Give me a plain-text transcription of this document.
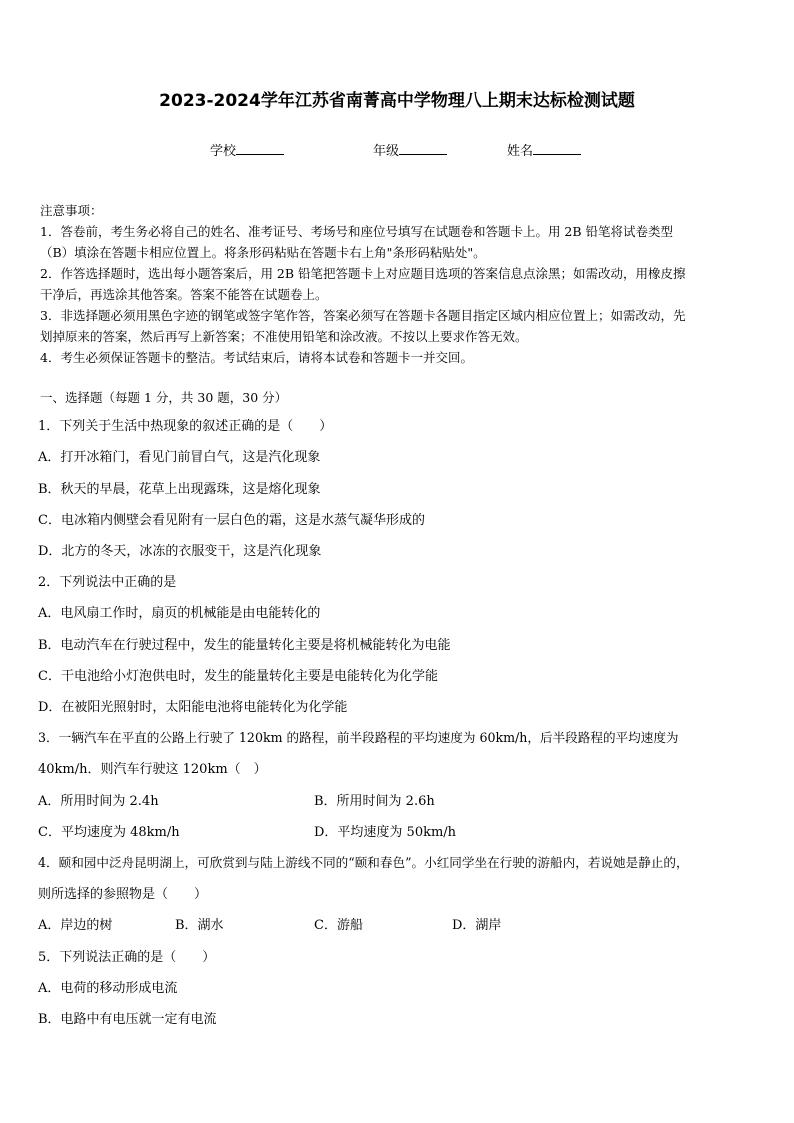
2023-2024学年江苏省南菁高中学物理八上期末达标检测试题
学校	年级	姓名
注意事项：
1．答卷前，考生务必将自己的姓名、准考证号、考场号和座位号填写在试题卷和答题卡上。用 2B 铅笔将试卷类型
（B）填涂在答题卡相应位置上。将条形码粘贴在答题卡右上角"条形码粘贴处"。
2．作答选择题时，选出每小题答案后，用 2B 铅笔把答题卡上对应题目选项的答案信息点涂黑；如需改动，用橡皮擦
干净后，再选涂其他答案。答案不能答在试题卷上。
3．非选择题必须用黑色字迹的钢笔或签字笔作答，答案必须写在答题卡各题目指定区域内相应位置上；如需改动，先
划掉原来的答案，然后再写上新答案；不准使用铅笔和涂改液。不按以上要求作答无效。
4．考生必须保证答题卡的整洁。考试结束后，请将本试卷和答题卡一并交回。
一、选择题（每题 1 分，共 30 题，30 分）
1．下列关于生活中热现象的叙述正确的是（　　）
A．打开冰箱门，看见门前冒白气，这是汽化现象
B．秋天的早晨，花草上出现露珠，这是熔化现象
C．电冰箱内侧壁会看见附有一层白色的霜，这是水蒸气凝华形成的
D．北方的冬天，冰冻的衣服变干，这是汽化现象
2．下列说法中正确的是
A．电风扇工作时，扇页的机械能是由电能转化的
B．电动汽车在行驶过程中，发生的能量转化主要是将机械能转化为电能
C．干电池给小灯泡供电时，发生的能量转化主要是电能转化为化学能
D．在被阳光照射时，太阳能电池将电能转化为化学能
3．一辆汽车在平直的公路上行驶了 120km 的路程，前半段路程的平均速度为 60km/h，后半段路程的平均速度为
40km/h．则汽车行驶这 120km（　）
A．所用时间为 2.4h	B．所用时间为 2.6h
C．平均速度为 48km/h	D．平均速度为 50km/h
4．颐和园中泛舟昆明湖上，可欣赏到与陆上游线不同的“颐和春色”。小红同学坐在行驶的游船内，若说她是静止的，
则所选择的参照物是（　　）
A．岸边的树	B．湖水	C．游船	D．湖岸
5．下列说法正确的是（　　）
A．电荷的移动形成电流
B．电路中有电压就一定有电流
